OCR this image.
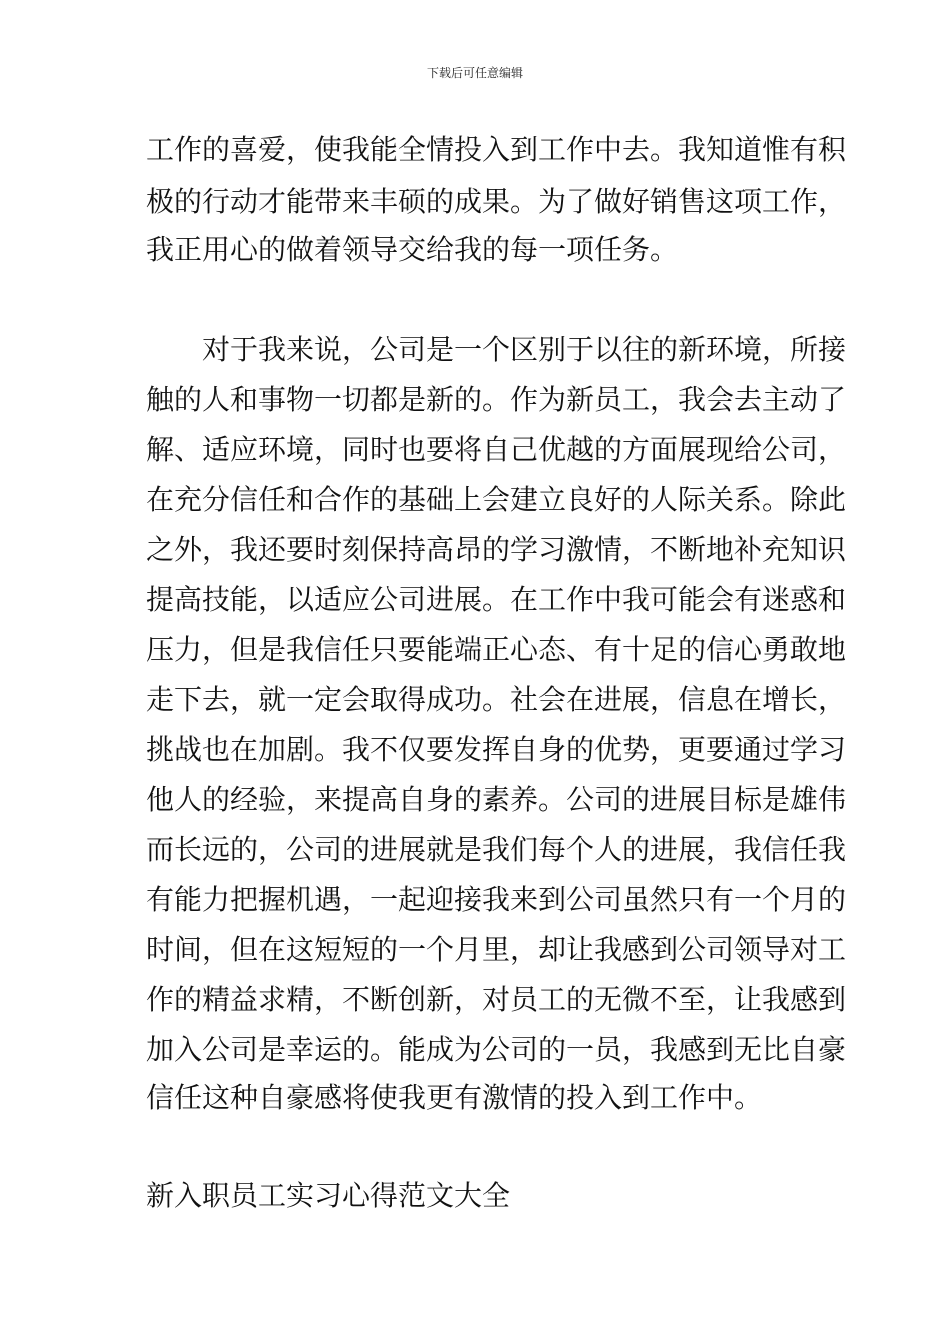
下载后可任意编辑
工作的喜爱，使我能全情投入到工作中去。我知道惟有积
极的行动才能带来丰硕的成果。为了做好销售这项工作，
我正用心的做着领导交给我的每一项任务。
对于我来说，公司是一个区别于以往的新环境，所接
触的人和事物一切都是新的。作为新员工，我会去主动了
解、适应环境，同时也要将自己优越的方面展现给公司，
在充分信任和合作的基础上会建立良好的人际关系。除此
之外，我还要时刻保持高昂的学习激情，不断地补充知识
提高技能，以适应公司进展。在工作中我可能会有迷惑和
压力，但是我信任只要能端正心态、有十足的信心勇敢地
走下去，就一定会取得成功。社会在进展，信息在增长，
挑战也在加剧。我不仅要发挥自身的优势，更要通过学习
他人的经验，来提高自身的素养。公司的进展目标是雄伟
而长远的，公司的进展就是我们每个人的进展，我信任我
有能力把握机遇，一起迎接我来到公司虽然只有一个月的
时间，但在这短短的一个月里，却让我感到公司领导对工
作的精益求精，不断创新，对员工的无微不至，让我感到
加入公司是幸运的。能成为公司的一员，我感到无比自豪
信任这种自豪感将使我更有激情的投入到工作中。
新入职员工实习心得范文大全
